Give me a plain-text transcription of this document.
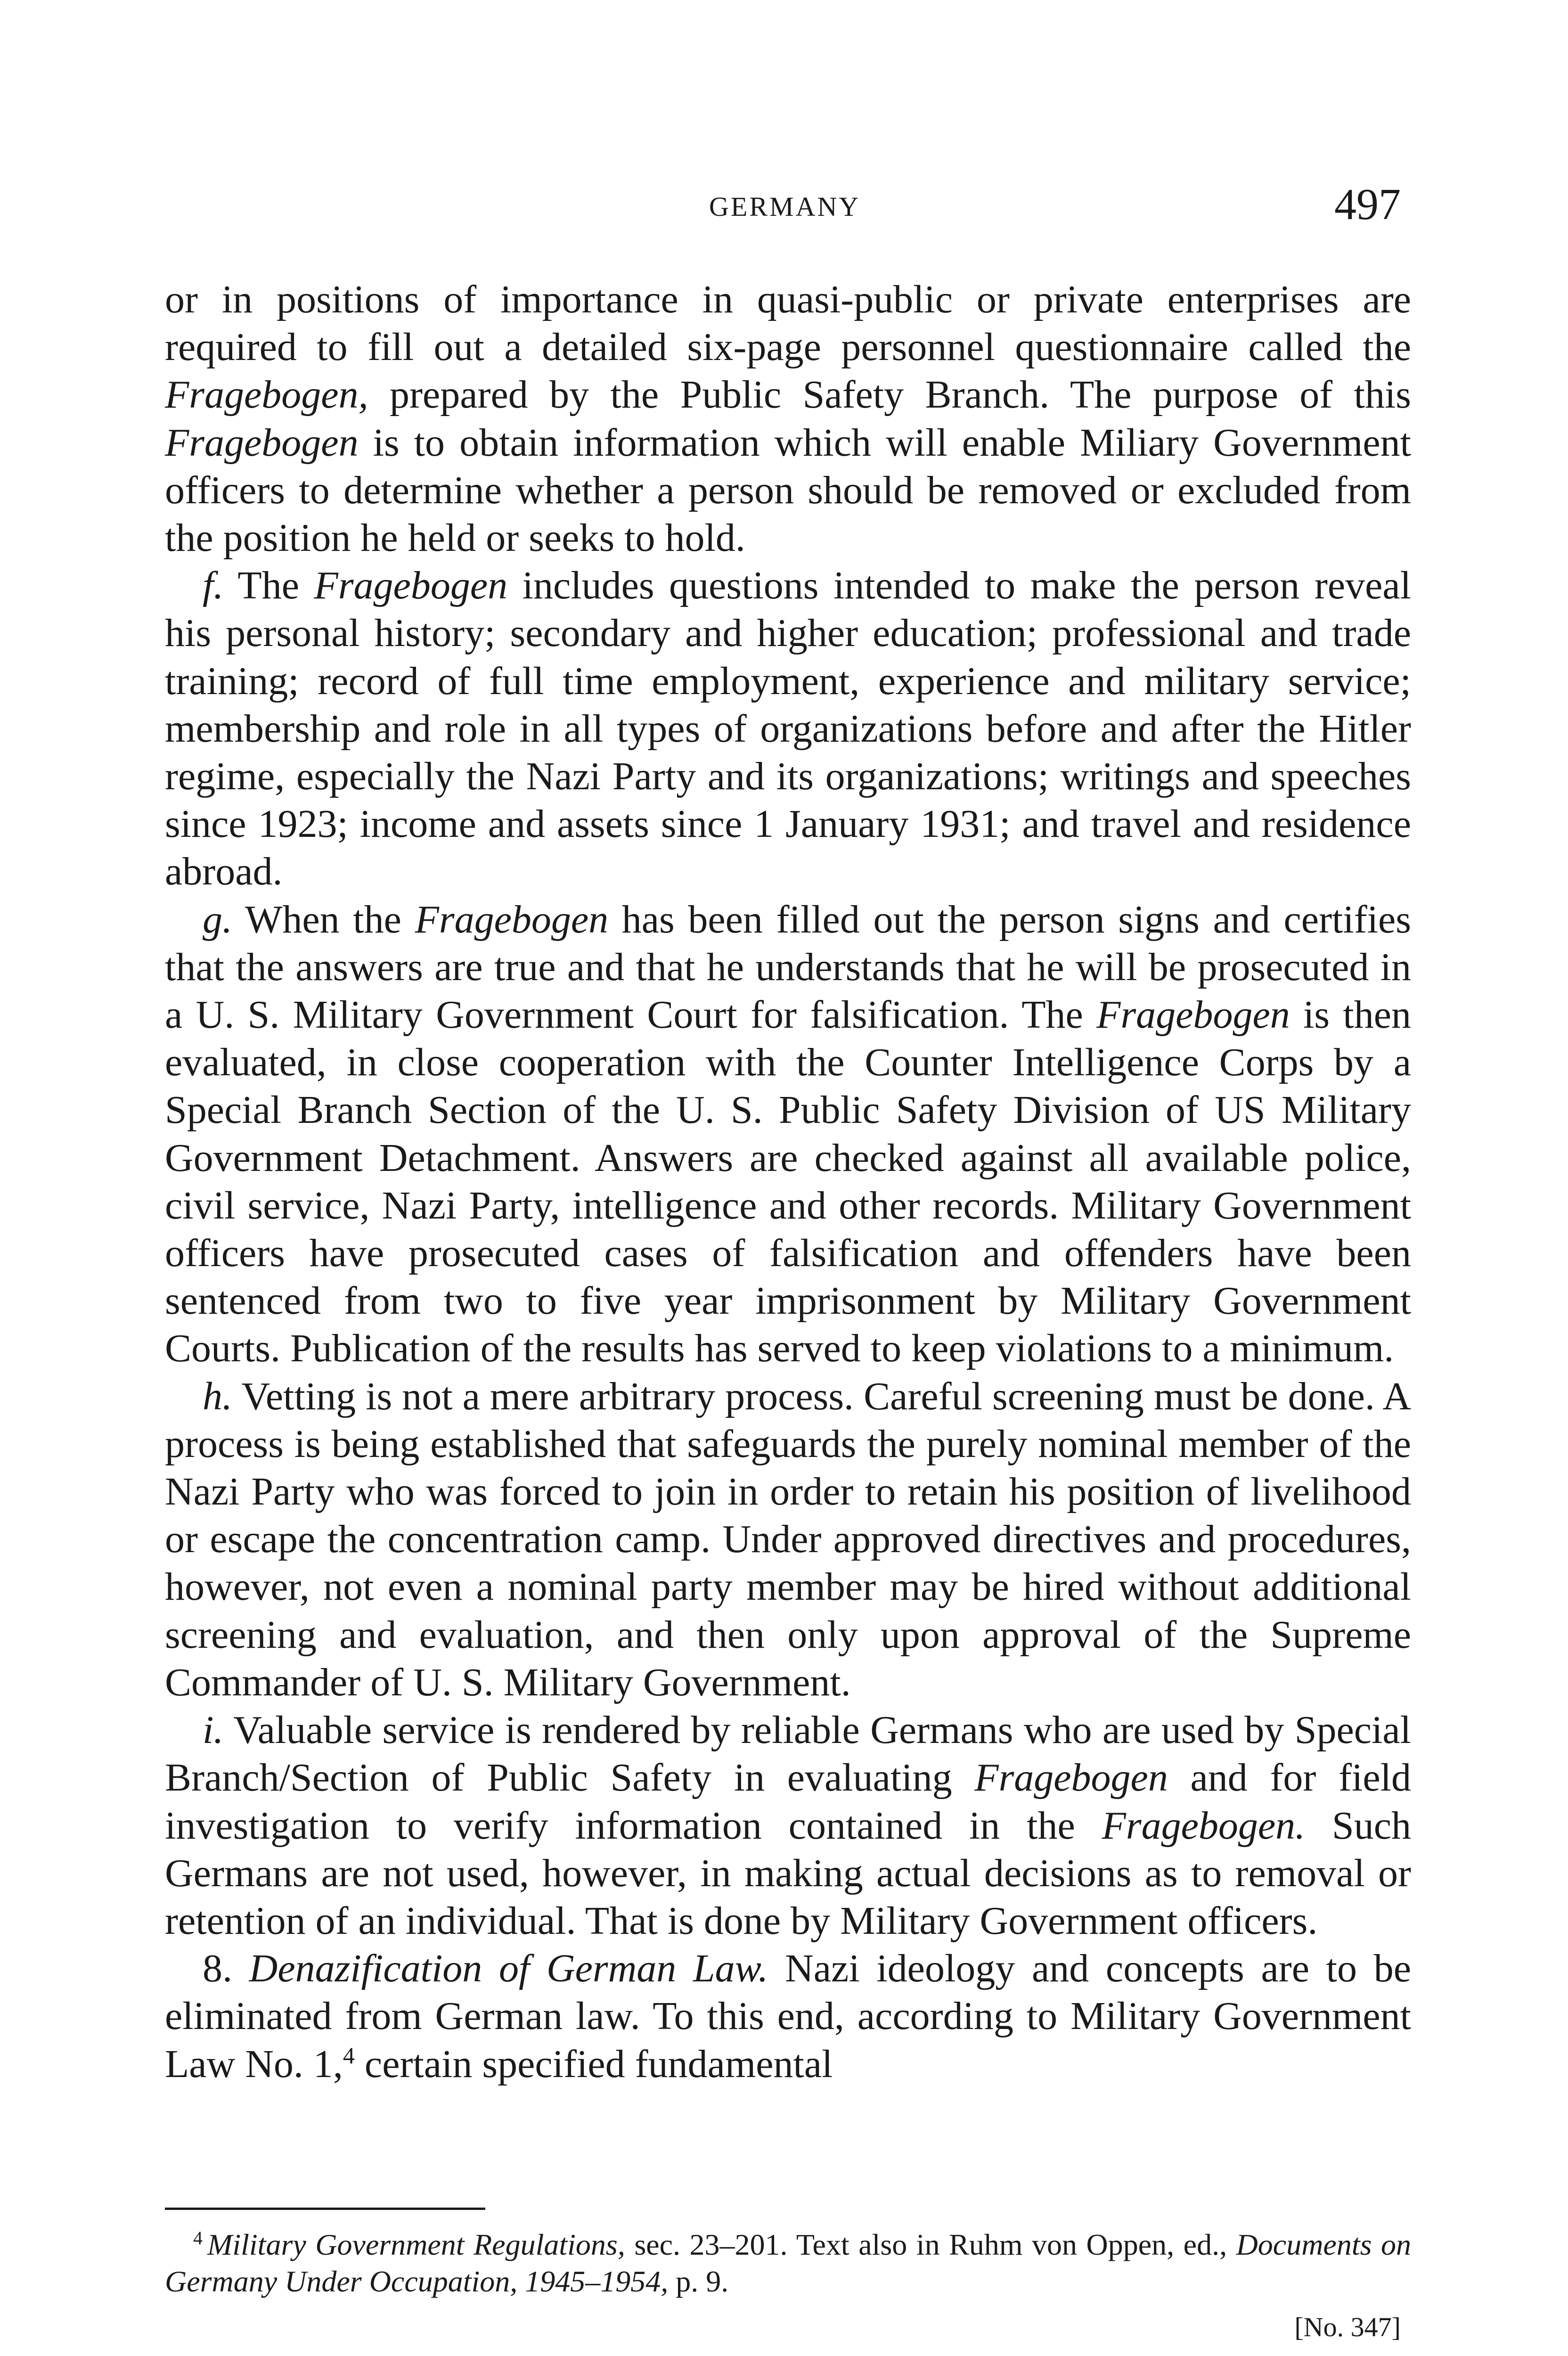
GERMANY	497

or in positions of importance in quasi-public or private enterprises are required to fill out a detailed six-page personnel questionnaire called the Fragebogen, prepared by the Public Safety Branch. The purpose of this Fragebogen is to obtain information which will enable Miliary Government officers to determine whether a person should be removed or excluded from the position he held or seeks to hold.

f. The Fragebogen includes questions intended to make the person reveal his personal history; secondary and higher education; professional and trade training; record of full time employment, experience and military service; membership and role in all types of organizations before and after the Hitler regime, especially the Nazi Party and its organizations; writings and speeches since 1923; income and assets since 1 January 1931; and travel and residence abroad.

g. When the Fragebogen has been filled out the person signs and certifies that the answers are true and that he understands that he will be prosecuted in a U. S. Military Government Court for falsification. The Fragebogen is then evaluated, in close cooperation with the Counter Intelligence Corps by a Special Branch Section of the U. S. Public Safety Division of US Military Government Detachment. Answers are checked against all available police, civil service, Nazi Party, intelligence and other records. Military Government officers have prosecuted cases of falsification and offenders have been sentenced from two to five year imprisonment by Military Government Courts. Publication of the results has served to keep violations to a minimum.

h. Vetting is not a mere arbitrary process. Careful screening must be done. A process is being established that safeguards the purely nominal member of the Nazi Party who was forced to join in order to retain his position of livelihood or escape the concentration camp. Under approved directives and procedures, however, not even a nominal party member may be hired without additional screening and evaluation, and then only upon approval of the Supreme Commander of U. S. Military Government.

i. Valuable service is rendered by reliable Germans who are used by Special Branch/Section of Public Safety in evaluating Fragebogen and for field investigation to verify information contained in the Fragebogen. Such Germans are not used, however, in making actual decisions as to removal or retention of an individual. That is done by Military Government officers.

8. Denazification of German Law. Nazi ideology and concepts are to be eliminated from German law. To this end, according to Military Government Law No. 1,$^4$ certain specified fundamental

$^4$ Military Government Regulations, sec. 23–201. Text also in Ruhm von Oppen, ed., Documents on Germany Under Occupation, 1945–1954, p. 9.
[No. 347]
